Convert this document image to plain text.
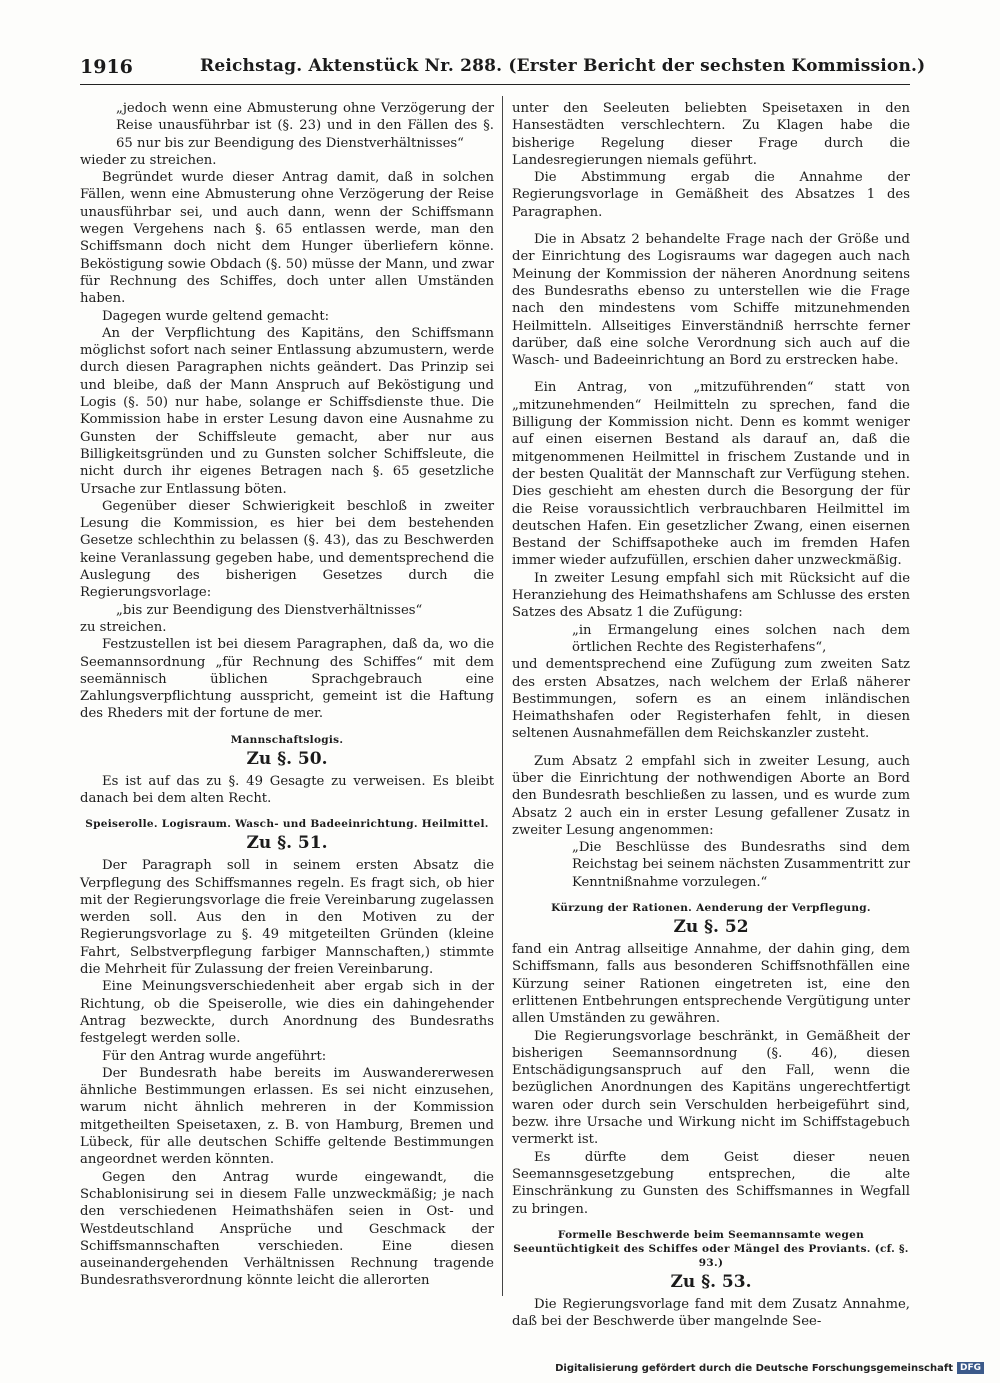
1916	Reichstag. Aktenstück Nr. 288. (Erster Bericht der sechsten Kommission.)

„jedoch wenn eine Abmusterung ohne Verzögerung der Reise unausführbar ist (§. 23) und in den Fällen des §. 65 nur bis zur Beendigung des Dienstverhältnisses“

wieder zu streichen.

Begründet wurde dieser Antrag damit, daß in solchen Fällen, wenn eine Abmusterung ohne Verzögerung der Reise unausführbar sei, und auch dann, wenn der Schiffsmann wegen Vergehens nach §. 65 entlassen werde, man den Schiffsmann doch nicht dem Hunger überliefern könne. Beköstigung sowie Obdach (§. 50) müsse der Mann, und zwar für Rechnung des Schiffes, doch unter allen Umständen haben.

Dagegen wurde geltend gemacht:

An der Verpflichtung des Kapitäns, den Schiffsmann möglichst sofort nach seiner Entlassung abzumustern, werde durch diesen Paragraphen nichts geändert. Das Prinzip sei und bleibe, daß der Mann Anspruch auf Beköstigung und Logis (§. 50) nur habe, solange er Schiffsdienste thue. Die Kommission habe in erster Lesung davon eine Ausnahme zu Gunsten der Schiffsleute gemacht, aber nur aus Billigkeitsgründen und zu Gunsten solcher Schiffsleute, die nicht durch ihr eigenes Betragen nach §. 65 gesetzliche Ursache zur Entlassung böten.

Gegenüber dieser Schwierigkeit beschloß in zweiter Lesung die Kommission, es hier bei dem bestehenden Gesetze schlechthin zu belassen (§. 43), das zu Beschwerden keine Veranlassung gegeben habe, und dementsprechend die Auslegung des bisherigen Gesetzes durch die Regierungsvorlage:

„bis zur Beendigung des Dienstverhältnisses“

zu streichen.

Festzustellen ist bei diesem Paragraphen, daß da, wo die Seemannsordnung „für Rechnung des Schiffes“ mit dem seemännisch üblichen Sprachgebrauch eine Zahlungsverpflichtung ausspricht, gemeint ist die Haftung des Rheders mit der fortune de mer.

Mannschaftslogis.
Zu §. 50.

Es ist auf das zu §. 49 Gesagte zu verweisen. Es bleibt danach bei dem alten Recht.

Speiserolle. Logisraum. Wasch- und Badeeinrichtung. Heilmittel.
Zu §. 51.

Der Paragraph soll in seinem ersten Absatz die Verpflegung des Schiffsmannes regeln. Es fragt sich, ob hier mit der Regierungsvorlage die freie Vereinbarung zugelassen werden soll. Aus den in den Motiven zu der Regierungsvorlage zu §. 49 mitgeteilten Gründen (kleine Fahrt, Selbstverpflegung farbiger Mannschaften,) stimmte die Mehrheit für Zulassung der freien Vereinbarung.

Eine Meinungsverschiedenheit aber ergab sich in der Richtung, ob die Speiserolle, wie dies ein dahingehender Antrag bezweckte, durch Anordnung des Bundesraths festgelegt werden solle.

Für den Antrag wurde angeführt:

Der Bundesrath habe bereits im Auswandererwesen ähnliche Bestimmungen erlassen. Es sei nicht einzusehen, warum nicht ähnlich mehreren in der Kommission mitgetheilten Speisetaxen, z. B. von Hamburg, Bremen und Lübeck, für alle deutschen Schiffe geltende Bestimmungen angeordnet werden könnten.

Gegen den Antrag wurde eingewandt, die Schablonisirung sei in diesem Falle unzweckmäßig; je nach den verschiedenen Heimathshäfen seien in Ost- und Westdeutschland Ansprüche und Geschmack der Schiffsmannschaften verschieden. Eine diesen auseinandergehenden Verhältnissen Rechnung tragende Bundesrathsverordnung könnte leicht die allerorten

unter den Seeleuten beliebten Speisetaxen in den Hansestädten verschlechtern. Zu Klagen habe die bisherige Regelung dieser Frage durch die Landesregierungen niemals geführt.

Die Abstimmung ergab die Annahme der Regierungsvorlage in Gemäßheit des Absatzes 1 des Paragraphen.

Die in Absatz 2 behandelte Frage nach der Größe und der Einrichtung des Logisraums war dagegen auch nach Meinung der Kommission der näheren Anordnung seitens des Bundesraths ebenso zu unterstellen wie die Frage nach den mindestens vom Schiffe mitzunehmenden Heilmitteln. Allseitiges Einverständniß herrschte ferner darüber, daß eine solche Verordnung sich auch auf die Wasch- und Badeeinrichtung an Bord zu erstrecken habe.

Ein Antrag, von „mitzuführenden“ statt von „mitzunehmenden“ Heilmitteln zu sprechen, fand die Billigung der Kommission nicht. Denn es kommt weniger auf einen eisernen Bestand als darauf an, daß die mitgenommenen Heilmittel in frischem Zustande und in der besten Qualität der Mannschaft zur Verfügung stehen. Dies geschieht am ehesten durch die Besorgung der für die Reise voraussichtlich verbrauchbaren Heilmittel im deutschen Hafen. Ein gesetzlicher Zwang, einen eisernen Bestand der Schiffsapotheke auch im fremden Hafen immer wieder aufzufüllen, erschien daher unzweckmäßig.

In zweiter Lesung empfahl sich mit Rücksicht auf die Heranziehung des Heimathshafens am Schlusse des ersten Satzes des Absatz 1 die Zufügung:

„in Ermangelung eines solchen nach dem örtlichen Rechte des Registerhafens“,

und dementsprechend eine Zufügung zum zweiten Satz des ersten Absatzes, nach welchem der Erlaß näherer Bestimmungen, sofern es an einem inländischen Heimathshafen oder Registerhafen fehlt, in diesen seltenen Ausnahmefällen dem Reichskanzler zusteht.

Zum Absatz 2 empfahl sich in zweiter Lesung, auch über die Einrichtung der nothwendigen Aborte an Bord den Bundesrath beschließen zu lassen, und es wurde zum Absatz 2 auch ein in erster Lesung gefallener Zusatz in zweiter Lesung angenommen:

„Die Beschlüsse des Bundesraths sind dem Reichstag bei seinem nächsten Zusammentritt zur Kenntnißnahme vorzulegen.“

Kürzung der Rationen. Aenderung der Verpflegung.
Zu §. 52

fand ein Antrag allseitige Annahme, der dahin ging, dem Schiffsmann, falls aus besonderen Schiffsnothfällen eine Kürzung seiner Rationen eingetreten ist, eine den erlittenen Entbehrungen entsprechende Vergütigung unter allen Umständen zu gewähren.

Die Regierungsvorlage beschränkt, in Gemäßheit der bisherigen Seemannsordnung (§. 46), diesen Entschädigungsanspruch auf den Fall, wenn die bezüglichen Anordnungen des Kapitäns ungerechtfertigt waren oder durch sein Verschulden herbeigeführt sind, bezw. ihre Ursache und Wirkung nicht im Schiffstagebuch vermerkt ist.

Es dürfte dem Geist dieser neuen Seemannsgesetzgebung entsprechen, die alte Einschränkung zu Gunsten des Schiffsmannes in Wegfall zu bringen.

Formelle Beschwerde beim Seemannsamte wegen Seeuntüchtigkeit des Schiffes oder Mängel des Proviants. (cf. §. 93.)
Zu §. 53.

Die Regierungsvorlage fand mit dem Zusatz Annahme, daß bei der Beschwerde über mangelnde See-

Digitalisierung gefördert durch die Deutsche Forschungsgemeinschaft DFG
